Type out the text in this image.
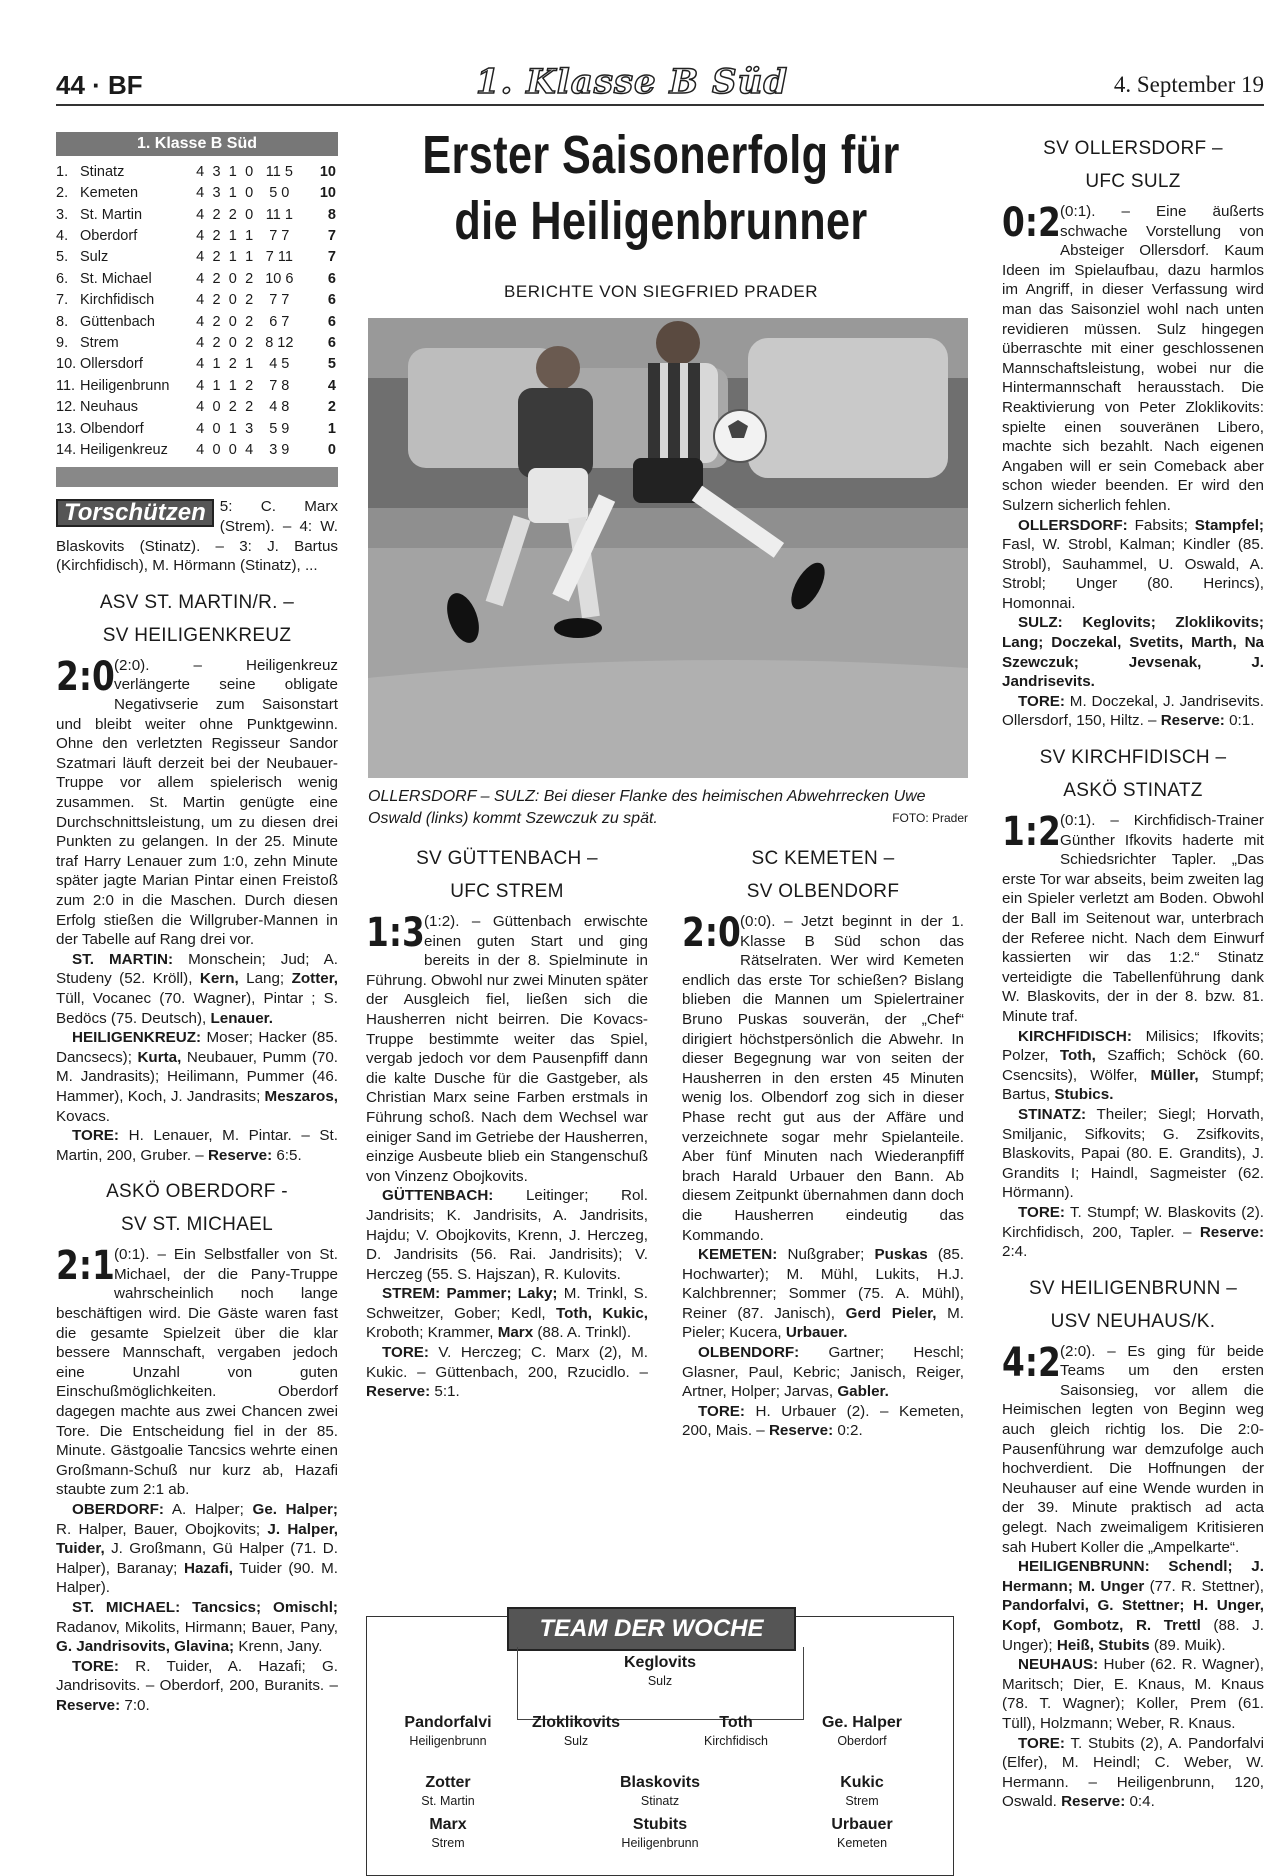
44 · BF	1. Klasse B Süd	4. September 19
1. Klasse B Süd
1.	Stinatz	4	3	1	0	11 5	10
2.	Kemeten	4	3	1	0	5 0	10
3.	St. Martin	4	2	2	0	11 1	8
4.	Oberdorf	4	2	1	1	7 7	7
5.	Sulz	4	2	1	1	7 11	7
6.	St. Michael	4	2	0	2	10 6	6
7.	Kirchfidisch	4	2	0	2	7 7	6
8.	Güttenbach	4	2	0	2	6 7	6
9.	Strem	4	2	0	2	8 12	6
10.	Ollersdorf	4	1	2	1	4 5	5
11.	Heiligenbrunn	4	1	1	2	7 8	4
12.	Neuhaus	4	0	2	2	4 8	2
13.	Olbendorf	4	0	1	3	5 9	1
14.	Heiligenkreuz	4	0	0	4	3 9	0
Torschützen 5: C. Marx (Strem). – 4: W. Blaskovits (Stinatz). – 3: J. Bartus (Kirchfidisch), M. Hörmann (Stinatz), ...
ASV ST. MARTIN/R. –
SV HEILIGENKREUZ

2:0 (2:0). – Heiligenkreuz verlängerte seine obligate Negativserie zum Saisonstart und bleibt weiter ohne Punktgewinn. Ohne den verletzten Regisseur Sandor Szatmari läuft derzeit bei der Neubauer-Truppe vor allem spielerisch wenig zusammen. St. Martin genügte eine Durchschnittsleistung, um zu diesen drei Punkten zu gelangen. In der 25. Minute traf Harry Lenauer zum 1:0, zehn Minute später jagte Marian Pintar einen Freistoß zum 2:0 in die Maschen. Durch diesen Erfolg stießen die Willgruber-Mannen in der Tabelle auf Rang drei vor.

ST. MARTIN: Monschein; Jud; A. Studeny (52. Kröll), Kern, Lang; Zotter, Tüll, Vocanec (70. Wagner), Pintar ; S. Bedöcs (75. Deutsch), Lenauer.

HEILIGENKREUZ: Moser; Hacker (85. Dancsecs); Kurta, Neubauer, Pumm (70. M. Jandrasits); Heilimann, Pummer (46. Hammer), Koch, J. Jandrasits; Meszaros, Kovacs.

TORE: H. Lenauer, M. Pintar. – St. Martin, 200, Gruber. – Reserve: 6:5.

ASKÖ OBERDORF -
SV ST. MICHAEL

2:1 (0:1). – Ein Selbstfaller von St. Michael, der die Pany-Truppe wahrscheinlich noch lange beschäftigen wird. Die Gäste waren fast die gesamte Spielzeit über die klar bessere Mannschaft, vergaben jedoch eine Unzahl von guten Einschußmöglichkeiten. Oberdorf dagegen machte aus zwei Chancen zwei Tore. Die Entscheidung fiel in der 85. Minute. Gästgoalie Tancsics wehrte einen Großmann-Schuß nur kurz ab, Hazafi staubte zum 2:1 ab.

OBERDORF: A. Halper; Ge. Halper; R. Halper, Bauer, Obojkovits; J. Halper, Tuider, J. Großmann, Gü Halper (71. D. Halper), Baranay; Hazafi, Tuider (90. M. Halper).

ST. MICHAEL: Tancsics; Omischl; Radanov, Mikolits, Hirmann; Bauer, Pany, G. Jandrisovits, Glavina; Krenn, Jany.

TORE: R. Tuider, A. Hazafi; G. Jandrisovits. – Oberdorf, 200, Buranits. – Reserve: 7:0.

Erster Saisonerfolg für die Heiligenbrunner
BERICHTE VON SIEGFRIED PRADER
OLLERSDORF – SULZ: Bei dieser Flanke des heimischen Abwehrrecken Uwe Oswald (links) kommt Szewczuk zu spät.	FOTO: Prader
SV GÜTTENBACH –
UFC STREM

1:3 (1:2). – Güttenbach erwischte einen guten Start und ging bereits in der 8. Spielminute in Führung. Obwohl nur zwei Minuten später der Ausgleich fiel, ließen sich die Hausherren nicht beirren. Die Kovacs-Truppe bestimmte weiter das Spiel, vergab jedoch vor dem Pausenpfiff dann die kalte Dusche für die Gastgeber, als Christian Marx seine Farben erstmals in Führung schoß. Nach dem Wechsel war einiger Sand im Getriebe der Hausherren, einzige Ausbeute blieb ein Stangenschuß von Vinzenz Obojkovits.

GÜTTENBACH: Leitinger; Rol. Jandrisits; K. Jandrisits, A. Jandrisits, Hajdu; V. Obojkovits, Krenn, J. Herczeg, D. Jandrisits (56. Rai. Jandrisits); V. Herczeg (55. S. Hajszan), R. Kulovits.

STREM: Pammer; Laky; M. Trinkl, S. Schweitzer, Gober; Kedl, Toth, Kukic, Kroboth; Krammer, Marx (88. A. Trinkl).

TORE: V. Herczeg; C. Marx (2), M. Kukic. – Güttenbach, 200, Rzucidlo. – Reserve: 5:1.

SC KEMETEN –
SV OLBENDORF

2:0 (0:0). – Jetzt beginnt in der 1. Klasse B Süd schon das Rätselraten. Wer wird Kemeten endlich das erste Tor schießen? Bislang blieben die Mannen um Spielertrainer Bruno Puskas souverän, der „Chef“ dirigiert höchstpersönlich die Abwehr. In dieser Begegnung war von seiten der Hausherren in den ersten 45 Minuten wenig los. Olbendorf zog sich in dieser Phase recht gut aus der Affäre und verzeichnete sogar mehr Spielanteile. Aber fünf Minuten nach Wiederanpfiff brach Harald Urbauer den Bann. Ab diesem Zeitpunkt übernahmen dann doch die Hausherren eindeutig das Kommando.

KEMETEN: Nußgraber; Puskas (85. Hochwarter); M. Mühl, Lukits, H.J. Kalchbrenner; Sommer (75. A. Mühl), Reiner (87. Janisch), Gerd Pieler, M. Pieler; Kucera, Urbauer.

OLBENDORF: Gartner; Heschl; Glasner, Paul, Kebric; Janisch, Reiger, Artner, Holper; Jarvas, Gabler.

TORE: H. Urbauer (2). – Kemeten, 200, Mais. – Reserve: 0:2.

TEAM DER WOCHE
Keglovits
Sulz
Pandorfalvi
Heiligenbrunn
Zloklikovits
Sulz
Toth
Kirchfidisch
Ge. Halper
Oberdorf
Zotter
St. Martin
Blaskovits
Stinatz
Kukic
Strem
Marx
Strem
Stubits
Heiligenbrunn
Urbauer
Kemeten
SV OLLERSDORF –
UFC SULZ

0:2 (0:1). – Eine äußerts schwache Vorstellung von Absteiger Ollersdorf. Kaum Ideen im Spielaufbau, dazu harmlos im Angriff, in dieser Verfassung wird man das Saisonziel wohl nach unten revidieren müssen. Sulz hingegen überraschte mit einer geschlossenen Mannschaftsleistung, wobei nur die Hintermannschaft herausstach. Die Reaktivierung von Peter Zloklikovits: spielte einen souveränen Libero, machte sich bezahlt. Nach eigenen Angaben will er sein Comeback aber schon wieder beenden. Er wird den Sulzern sicherlich fehlen.

OLLERSDORF: Fabsits; Stampfel; Fasl, W. Strobl, Kalman; Kindler (85. Strobl), Sauhammel, U. Oswald, A. Strobl; Unger (80. Herincs), Homonnai.

SULZ: Keglovits; Zloklikovits; Lang; Doczekal, Svetits, Marth, Na Szewczuk; Jevsenak, J. Jandrisevits.

TORE: M. Doczekal, J. Jandrisevits. Ollersdorf, 150, Hiltz. – Reserve: 0:1.

SV KIRCHFIDISCH –
ASKÖ STINATZ

1:2 (0:1). – Kirchfidisch-Trainer Günther Ifkovits haderte mit Schiedsrichter Tapler. „Das erste Tor war abseits, beim zweiten lag ein Spieler verletzt am Boden. Obwohl der Ball im Seitenout war, unterbrach der Referee nicht. Nach dem Einwurf kassierten wir das 1:2.“ Stinatz verteidigte die Tabellenführung dank W. Blaskovits, der in der 8. bzw. 81. Minute traf.

KIRCHFIDISCH: Milisics; Ifkovits; Polzer, Toth, Szaffich; Schöck (60. Csencsits), Wölfer, Müller, Stumpf; Bartus, Stubics.

STINATZ: Theiler; Siegl; Horvath, Smiljanic, Sifkovits; G. Zsifkovits, Blaskovits, Papai (80. E. Grandits), J. Grandits I; Haindl, Sagmeister (62. Hörmann).

TORE: T. Stumpf; W. Blaskovits (2). Kirchfidisch, 200, Tapler. – Reserve: 2:4.

SV HEILIGENBRUNN –
USV NEUHAUS/K.

4:2 (2:0). – Es ging für beide Teams um den ersten Saisonsieg, vor allem die Heimischen legten von Beginn weg auch gleich richtig los. Die 2:0-Pausenführung war demzufolge auch hochverdient. Die Hoffnungen der Neuhauser auf eine Wende wurden in der 39. Minute praktisch ad acta gelegt. Nach zweimaligem Kritisieren sah Hubert Koller die „Ampelkarte“.

HEILIGENBRUNN: Schendl; J. Hermann; M. Unger (77. R. Stettner), Pandorfalvi, G. Stettner; H. Unger, Kopf, Gombotz, R. Trettl (88. J. Unger); Heiß, Stubits (89. Muik).

NEUHAUS: Huber (62. R. Wagner), Maritsch; Dier, E. Knaus, M. Knaus (78. T. Wagner); Koller, Prem (61. Tüll), Holzmann; Weber, R. Knaus.

TORE: T. Stubits (2), A. Pandorfalvi (Elfer), M. Heindl; C. Weber, W. Hermann. – Heiligenbrunn, 120, Oswald. Reserve: 0:4.
